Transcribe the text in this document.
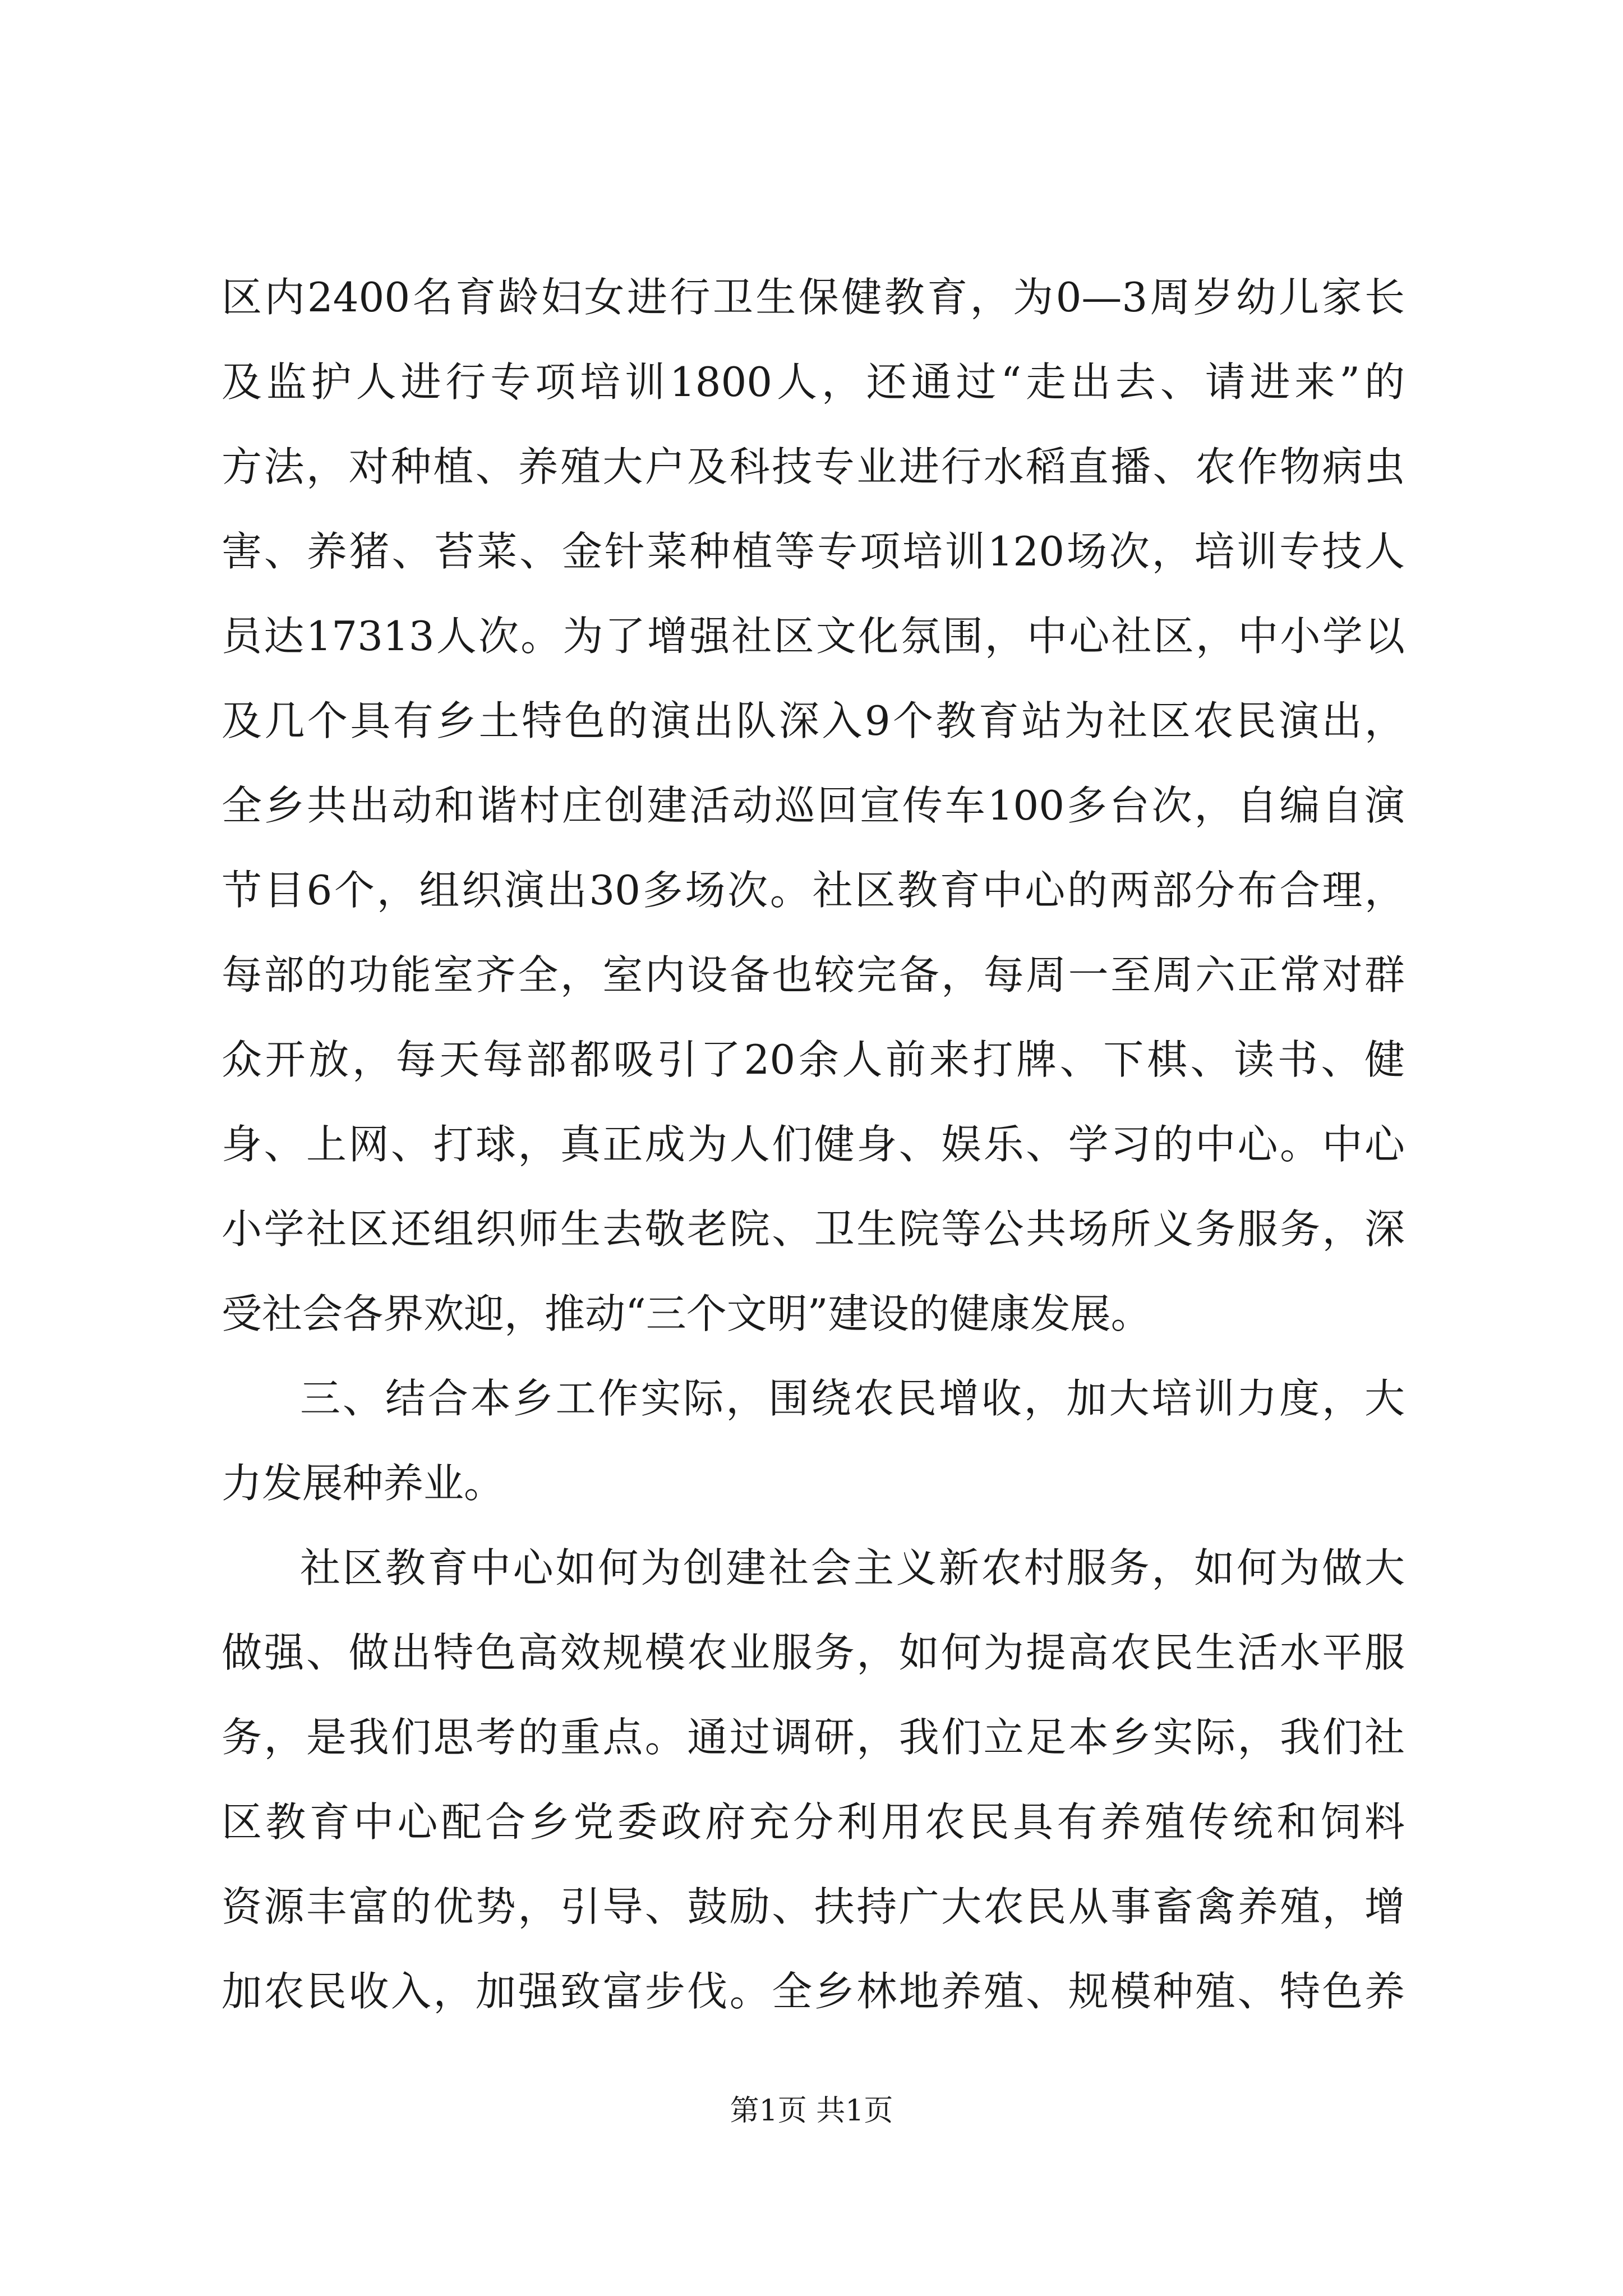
区内2400名育龄妇女进行卫生保健教育，为0—3周岁幼儿家长
及监护人进行专项培训1800人，还通过“走出去、请进来”的
方法，对种植、养殖大户及科技专业进行水稻直播、农作物病虫
害、养猪、苔菜、金针菜种植等专项培训120场次，培训专技人
员达17313人次。为了增强社区文化氛围，中心社区，中小学以
及几个具有乡土特色的演出队深入9个教育站为社区农民演出，
全乡共出动和谐村庄创建活动巡回宣传车100多台次，自编自演
节目6个，组织演出30多场次。社区教育中心的两部分布合理，
每部的功能室齐全，室内设备也较完备，每周一至周六正常对群
众开放，每天每部都吸引了20余人前来打牌、下棋、读书、健
身、上网、打球，真正成为人们健身、娱乐、学习的中心。中心
小学社区还组织师生去敬老院、卫生院等公共场所义务服务，深
受社会各界欢迎，推动“三个文明”建设的健康发展。
三、结合本乡工作实际，围绕农民增收，加大培训力度，大
力发展种养业。
社区教育中心如何为创建社会主义新农村服务，如何为做大
做强、做出特色高效规模农业服务，如何为提高农民生活水平服
务，是我们思考的重点。通过调研，我们立足本乡实际，我们社
区教育中心配合乡党委政府充分利用农民具有养殖传统和饲料
资源丰富的优势，引导、鼓励、扶持广大农民从事畜禽养殖，增
加农民收入，加强致富步伐。全乡林地养殖、规模种殖、特色养
第1页 共1页
